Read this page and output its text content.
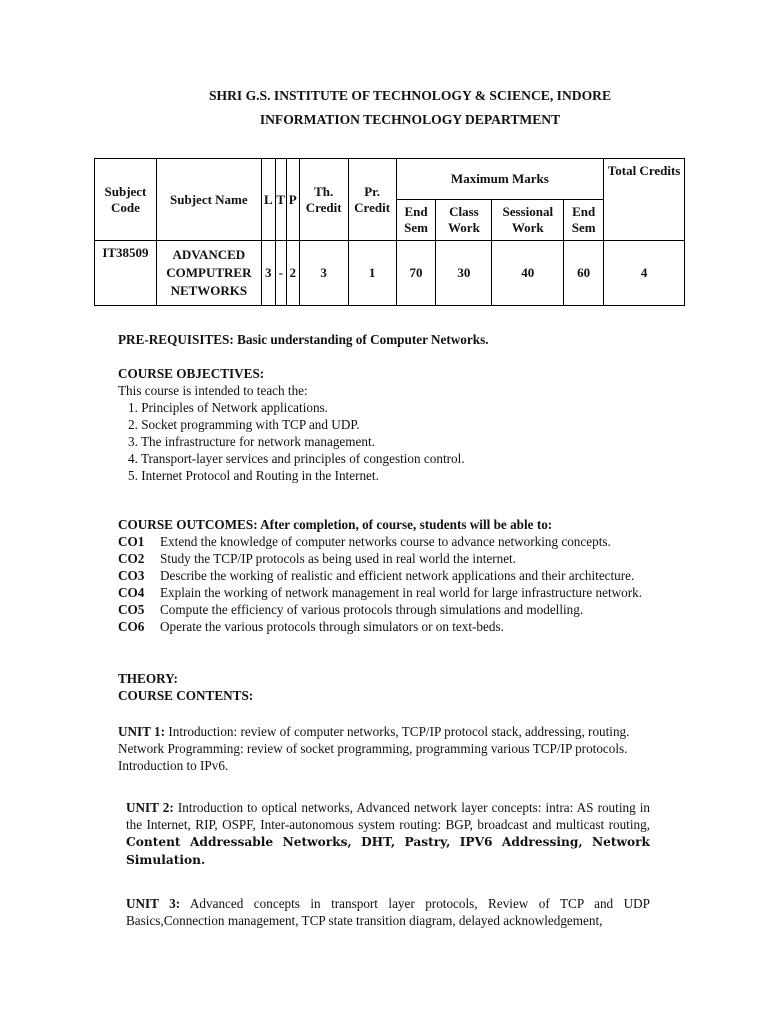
SHRI G.S. INSTITUTE OF TECHNOLOGY & SCIENCE, INDORE
INFORMATION TECHNOLOGY DEPARTMENT
Subject Code	Subject Name	L	T	P	Th. Credit	Pr. Credit	Maximum Marks				Total Credits
							End Sem	Class Work	Sessional Work	End Sem	
IT38509	ADVANCED
COMPUTRER
NETWORKS	3	-	2	3	1	70	30	40	60	4
PRE-REQUISITES: Basic understanding of Computer Networks.
COURSE OBJECTIVES:
This course is intended to teach the:
1. Principles of Network applications.
2. Socket programming with TCP and UDP.
3. The infrastructure for network management.
4. Transport-layer services and principles of congestion control.
5. Internet Protocol and Routing in the Internet.
COURSE OUTCOMES: After completion, of course, students will be able to:
CO1	Extend the knowledge of computer networks course to advance networking concepts.
CO2	Study the TCP/IP protocols as being used in real world the internet.
CO3	Describe the working of realistic and efficient network applications and their architecture.
CO4	Explain the working of network management in real world for large infrastructure network.
CO5	Compute the efficiency of various protocols through simulations and modelling.
CO6	Operate the various protocols through simulators or on text-beds.
THEORY:
COURSE CONTENTS:
UNIT 1: Introduction: review of computer networks, TCP/IP protocol stack, addressing, routing.
Network Programming: review of socket programming, programming various TCP/IP protocols.
Introduction to IPv6.
UNIT 2: Introduction to optical networks, Advanced network layer concepts: intra: AS routing in the Internet, RIP, OSPF, Inter-autonomous system routing: BGP, broadcast and multicast routing, Content Addressable Networks, DHT, Pastry, IPV6 Addressing, Network Simulation.
UNIT 3: Advanced concepts in transport layer protocols, Review of TCP and UDP Basics,Connection management, TCP state transition diagram, delayed acknowledgement,
